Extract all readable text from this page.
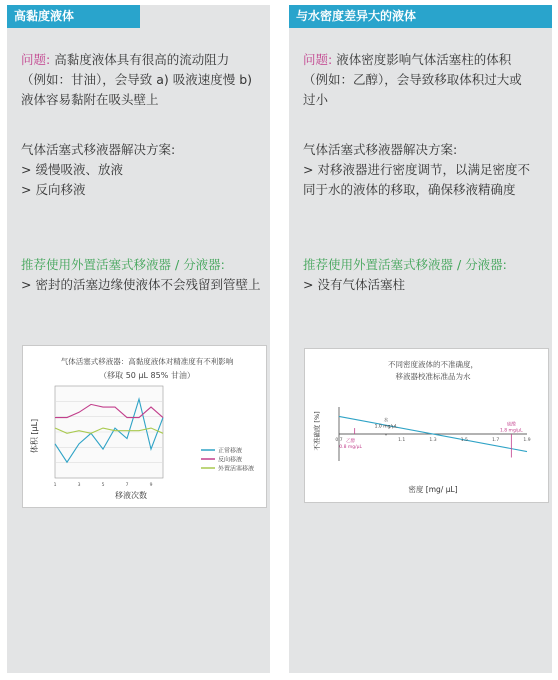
高黏度液体
问题: 高黏度液体具有很高的流动阻力
（例如：甘油），会导致 a) 吸液速度慢 b)
液体容易黏附在吸头壁上
气体活塞式移液器解决方案:
> 缓慢吸液、放液
> 反向移液
推荐使用外置活塞式移液器 / 分液器:
> 密封的活塞边缘使液体不会残留到管壁上
气体活塞式移液器：高黏度液体对精准度有不利影响
（移取 50 µL 85% 甘油）
体积 [µL]
移液次数
1	3	5	7	9
正常移液
反向移液
外置活塞移液
与水密度差异大的液体
问题: 液体密度影响气体活塞柱的体积
（例如：乙醇），会导致移取体积过大或
过小
气体活塞式移液器解决方案:
> 对移液器进行密度调节，以满足密度不
同于水的液体的移取，确保移液精确度
推荐使用外置活塞式移液器 / 分液器:
> 没有气体活塞柱
不同密度液体的不准确度，
移液器校准标准品为水
不准确度 [%]
密度 [mg/ µL]
0.7	1.1	1.3	1.5	1.7	1.9
乙醇
0.8 mg/µL
水
1.0 mg/µL	硫酸
1.8 mg/µL
